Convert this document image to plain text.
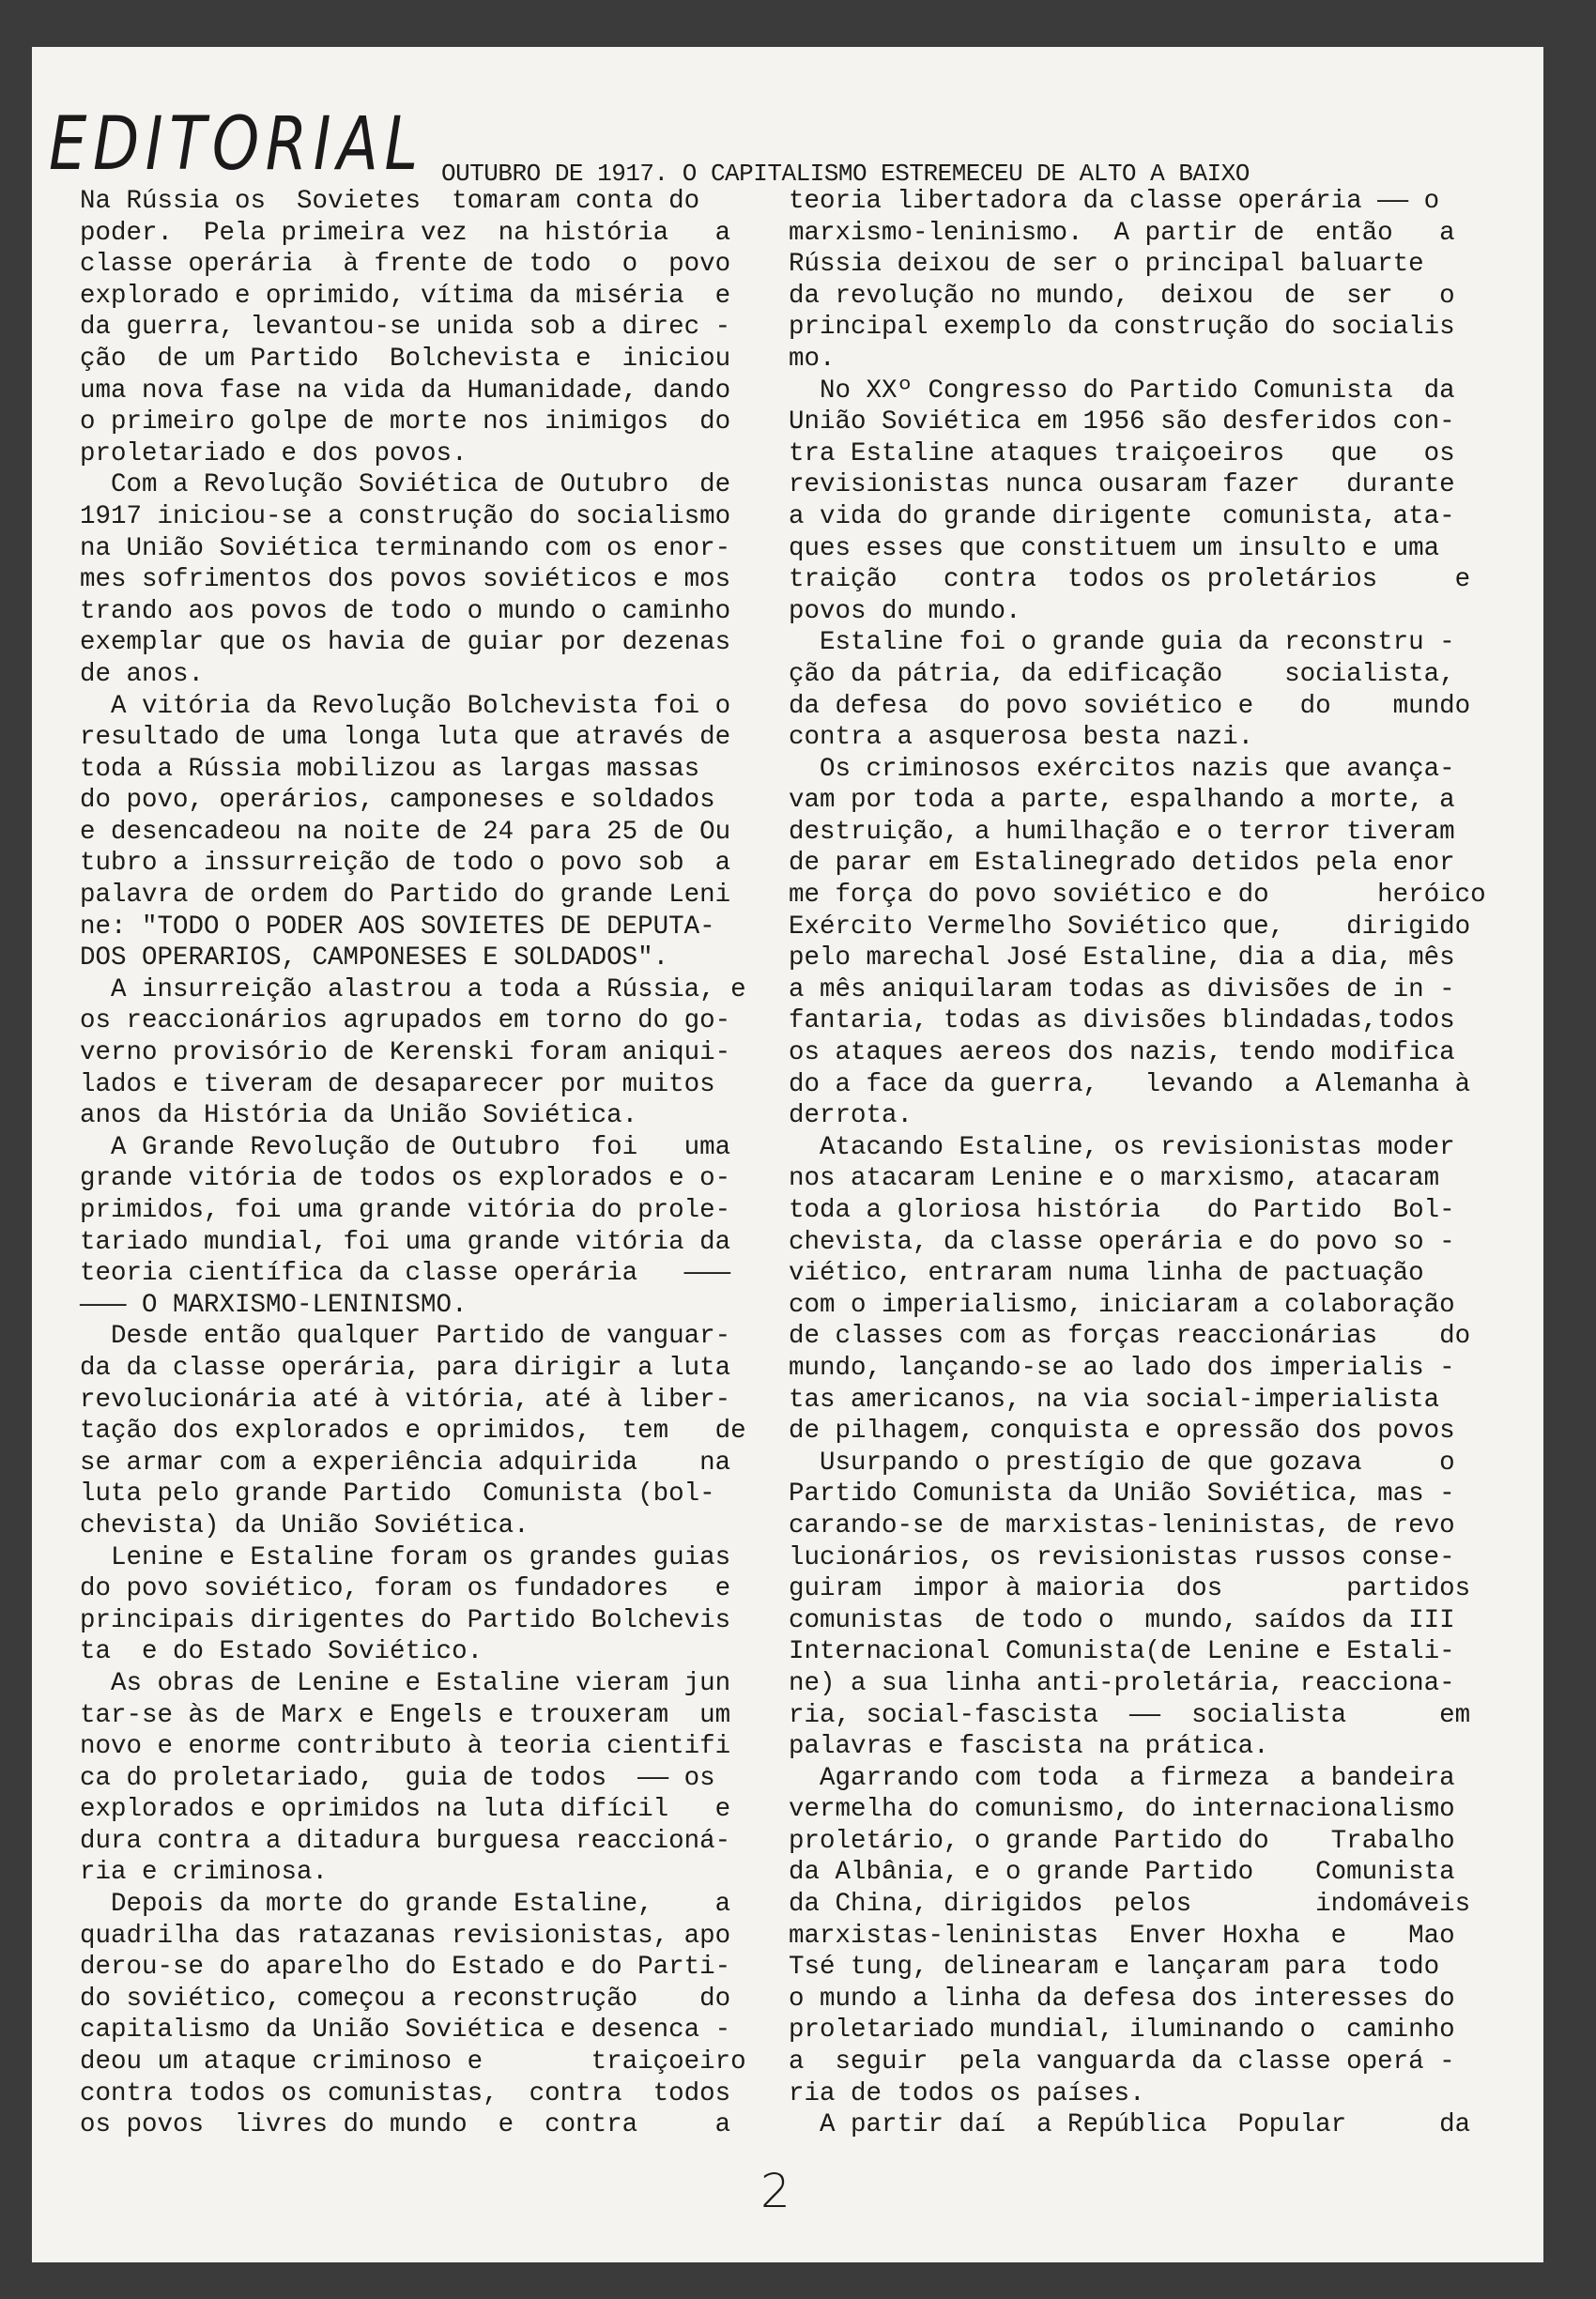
EDITORIAL OUTUBRO DE 1917. O CAPITALISMO ESTREMECEU DE ALTO A BAIXO
Na Rússia os  Sovietes  tomaram conta do
poder.  Pela primeira vez  na história   a
classe operária  à frente de todo  o  povo
explorado e oprimido, vítima da miséria  e
da guerra, levantou-se unida sob a direc -
ção  de um Partido  Bolchevista e  iniciou
uma nova fase na vida da Humanidade, dando
o primeiro golpe de morte nos inimigos  do
proletariado e dos povos.
Com a Revolução Soviética de Outubro  de
1917 iniciou-se a construção do socialismo
na União Soviética terminando com os enor-
mes sofrimentos dos povos soviéticos e mos
trando aos povos de todo o mundo o caminho
exemplar que os havia de guiar por dezenas
de anos.
A vitória da Revolução Bolchevista foi o
resultado de uma longa luta que através de
toda a Rússia mobilizou as largas massas
do povo, operários, camponeses e soldados
e desencadeou na noite de 24 para 25 de Ou
tubro a inssurreição de todo o povo sob  a
palavra de ordem do Partido do grande Leni
ne: "TODO O PODER AOS SOVIETES DE DEPUTA-
DOS OPERARIOS, CAMPONESES E SOLDADOS".
A insurreição alastrou a toda a Rússia, e
os reaccionários agrupados em torno do go-
verno provisório de Kerenski foram aniqui-
lados e tiveram de desaparecer por muitos
anos da História da União Soviética.
A Grande Revolução de Outubro  foi   uma
grande vitória de todos os explorados e o-
primidos, foi uma grande vitória do prole-
tariado mundial, foi uma grande vitória da
teoria científica da classe operária   ———
——— O MARXISMO-LENINISMO.
Desde então qualquer Partido de vanguar-
da da classe operária, para dirigir a luta
revolucionária até à vitória, até à liber-
tação dos explorados e oprimidos,  tem   de
se armar com a experiência adquirida    na
luta pelo grande Partido  Comunista (bol-
chevista) da União Soviética.
Lenine e Estaline foram os grandes guias
do povo soviético, foram os fundadores   e
principais dirigentes do Partido Bolchevis
ta  e do Estado Soviético.
As obras de Lenine e Estaline vieram jun
tar-se às de Marx e Engels e trouxeram  um
novo e enorme contributo à teoria cientifi
ca do proletariado,  guia de todos  —— os
explorados e oprimidos na luta difícil   e
dura contra a ditadura burguesa reaccioná-
ria e criminosa.
Depois da morte do grande Estaline,    a
quadrilha das ratazanas revisionistas, apo
derou-se do aparelho do Estado e do Parti-
do soviético, começou a reconstrução    do
capitalismo da União Soviética e desenca -
deou um ataque criminoso e       traiçoeiro
contra todos os comunistas,  contra  todos
os povos  livres do mundo  e  contra     a
teoria libertadora da classe operária —— o
marxismo-leninismo.  A partir de  então   a
Rússia deixou de ser o principal baluarte
da revolução no mundo,  deixou  de  ser   o
principal exemplo da construção do socialis
mo.
No XXº Congresso do Partido Comunista  da
União Soviética em 1956 são desferidos con-
tra Estaline ataques traiçoeiros   que   os
revisionistas nunca ousaram fazer   durante
a vida do grande dirigente  comunista, ata-
ques esses que constituem um insulto e uma
traição   contra  todos os proletários     e
povos do mundo.
Estaline foi o grande guia da reconstru -
ção da pátria, da edificação    socialista,
da defesa  do povo soviético e   do    mundo
contra a asquerosa besta nazi.
Os criminosos exércitos nazis que avança-
vam por toda a parte, espalhando a morte, a
destruição, a humilhação e o terror tiveram
de parar em Estalinegrado detidos pela enor
me força do povo soviético e do       heróico
Exército Vermelho Soviético que,    dirigido
pelo marechal José Estaline, dia a dia, mês
a mês aniquilaram todas as divisões de in -
fantaria, todas as divisões blindadas,todos
os ataques aereos dos nazis, tendo modifica
do a face da guerra,   levando  a Alemanha à
derrota.
Atacando Estaline, os revisionistas moder
nos atacaram Lenine e o marxismo, atacaram
toda a gloriosa história   do Partido  Bol-
chevista, da classe operária e do povo so -
viético, entraram numa linha de pactuação
com o imperialismo, iniciaram a colaboração
de classes com as forças reaccionárias    do
mundo, lançando-se ao lado dos imperialis -
tas americanos, na via social-imperialista
de pilhagem, conquista e opressão dos povos
Usurpando o prestígio de que gozava     o
Partido Comunista da União Soviética, mas -
carando-se de marxistas-leninistas, de revo
lucionários, os revisionistas russos conse-
guiram  impor à maioria  dos        partidos
comunistas  de todo o  mundo, saídos da III
Internacional Comunista(de Lenine e Estali-
ne) a sua linha anti-proletária, reacciona-
ria, social-fascista  ——  socialista      em
palavras e fascista na prática.
Agarrando com toda  a firmeza  a bandeira
vermelha do comunismo, do internacionalismo
proletário, o grande Partido do    Trabalho
da Albânia, e o grande Partido    Comunista
da China, dirigidos  pelos        indomáveis
marxistas-leninistas  Enver Hoxha  e    Mao
Tsé tung, delinearam e lançaram para  todo
o mundo a linha da defesa dos interesses do
proletariado mundial, iluminando o  caminho
a  seguir  pela vanguarda da classe operá -
ria de todos os países.
A partir daí  a República  Popular      da
2
